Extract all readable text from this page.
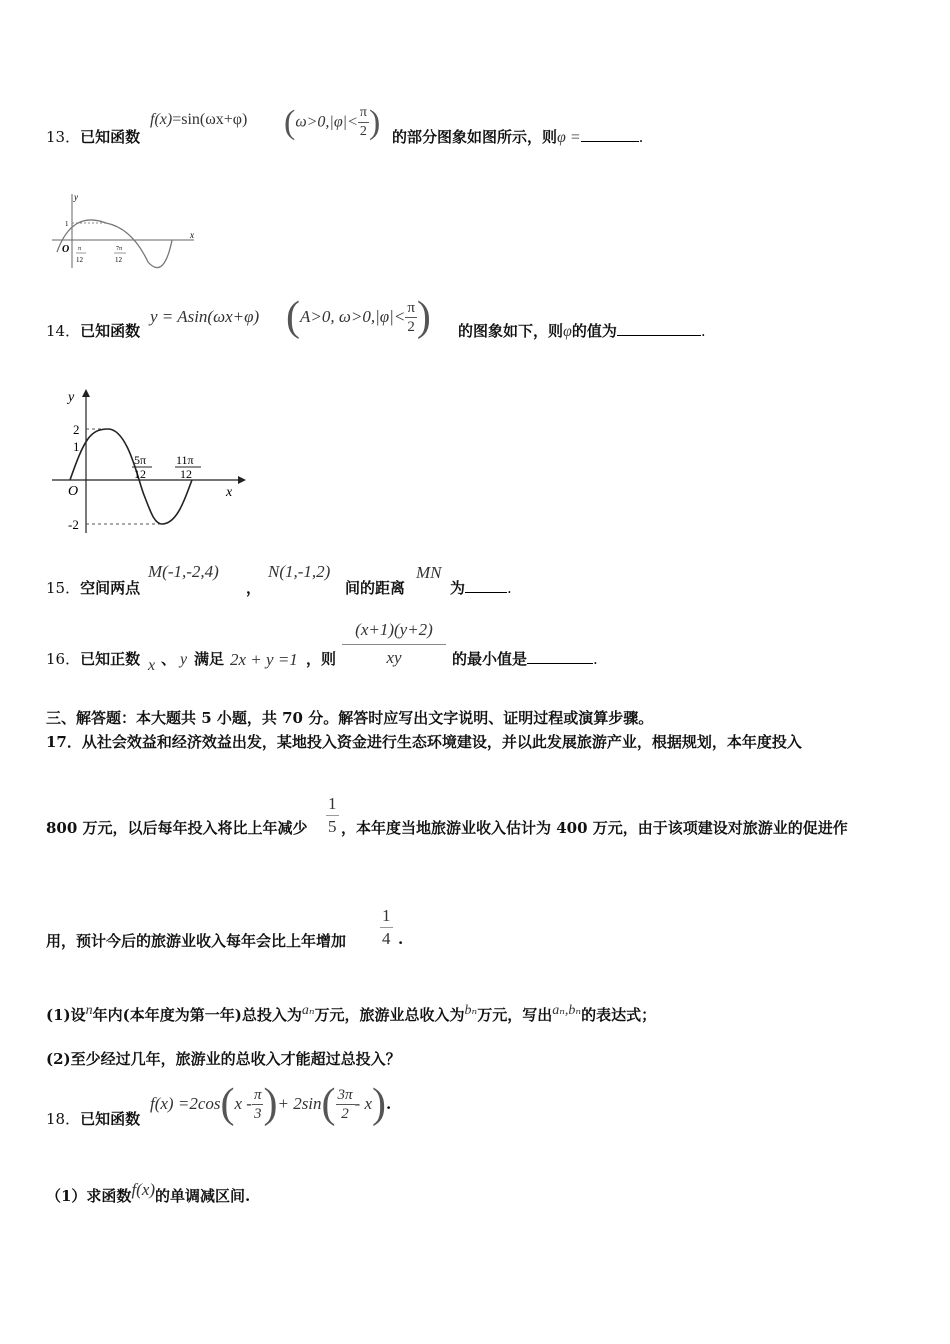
13．已知函数
f(x)=sin(ωx+φ) ($\omega>0,|\varphi|< \frac{\pi}{2}$ ) 的部分图象如图所示，则φ =	.
y
x
O
1
π
12
7π
12
14．已知函数
y = Asin(ωx+φ) (A>0, $\omega>0,|\varphi|< \frac{\pi}{2}$ ) 的图象如下，则φ的值为	.
y
x
O
2
1
-2
5π
12
11π
12
15．空间两点
M(-1,-2,4)
，
N(1,-1,2)
间的距离
MN
为	.
16．已知正数 x 、 y 满足 2x + y =1 ，则 $\frac{(x+1)(y+2)}{xy}$ 的最小值是	.
三、解答题：本大题共 5 小题，共 70 分。解答时应写出文字说明、证明过程或演算步骤。
17．从社会效益和经济效益出发，某地投入资金进行生态环境建设，并以此发展旅游产业，根据规划，本年度投入
800 万元，以后每年投入将比上年减少 $\frac{1}{5}$ ，本年度当地旅游业收入估计为 400 万元，由于该项建设对旅游业的促进作
用，预计今后的旅游业收入每年会比上年增加 $\frac{1}{4}$ .
(1)设n年内(本年度为第一年)总投入为aₙ万元，旅游业总收入为bₙ万元，写出aₙ,bₙ的表达式；
(2)至少经过几年，旅游业的总收入才能超过总投入？
18．已知函数
$f(x) =2\cos(x - \frac{\pi}{3}$ )+ $2\sin( \frac{3\pi}{2} - x)$.
（1）求函数f(x)的单调减区间.
